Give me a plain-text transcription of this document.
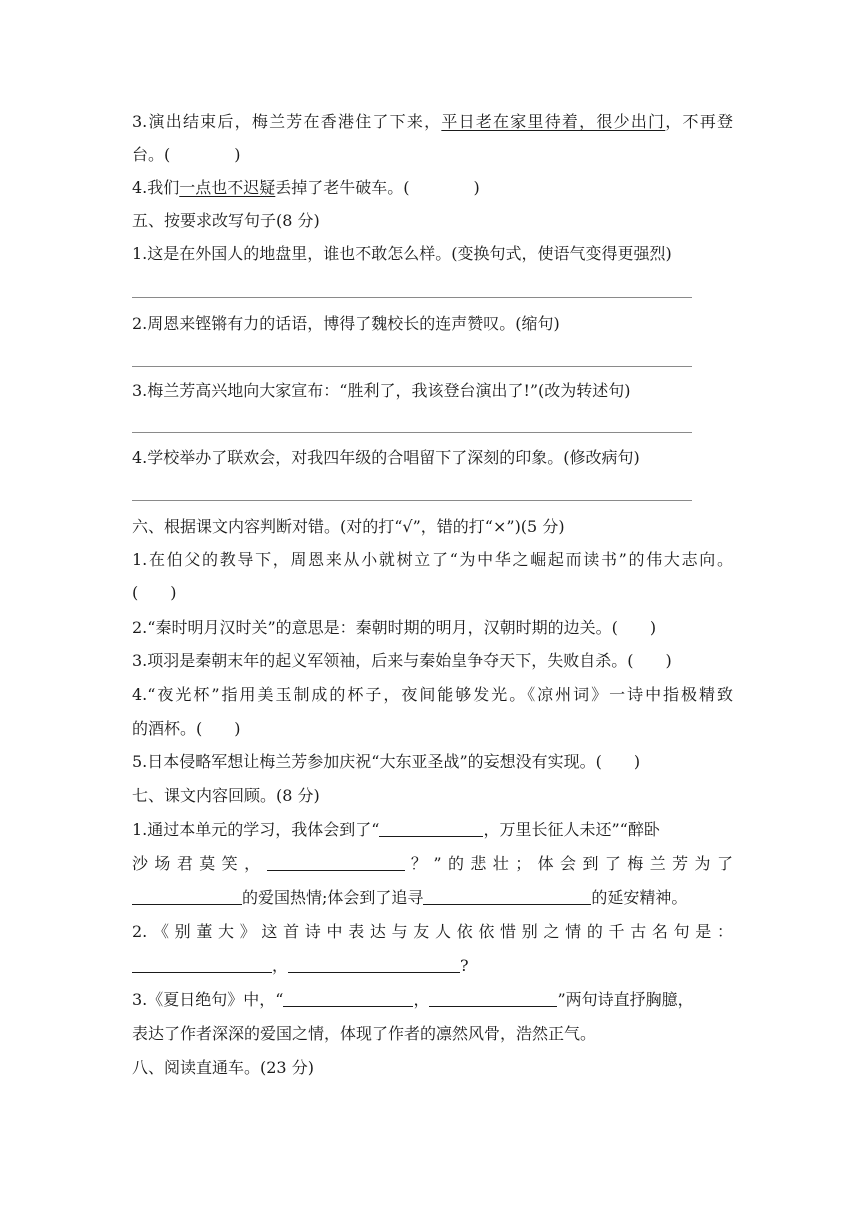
3.演出结束后，梅兰芳在香港住了下来，平日老在家里待着，很少出门，不再登
台。(　　　　)
4.我们一点也不迟疑丢掉了老牛破车。(　　　　)
五、按要求改写句子(8 分)
1.这是在外国人的地盘里，谁也不敢怎么样。(变换句式，使语气变得更强烈)
2.周恩来铿锵有力的话语，博得了魏校长的连声赞叹。(缩句)
3.梅兰芳高兴地向大家宣布：“胜利了，我该登台演出了!”(改为转述句)
4.学校举办了联欢会，对我四年级的合唱留下了深刻的印象。(修改病句)
六、根据课文内容判断对错。(对的打“√”，错的打“×”)(5 分)
1.在伯父的教导下，周恩来从小就树立了“为中华之崛起而读书”的伟大志向。
(　　)
2.“秦时明月汉时关”的意思是：秦朝时期的明月，汉朝时期的边关。(　　)
3.项羽是秦朝末年的起义军领袖，后来与秦始皇争夺天下，失败自杀。(　　)
4.“夜光杯”指用美玉制成的杯子，夜间能够发光。《凉州词》一诗中指极精致
的酒杯。(　　)
5.日本侵略军想让梅兰芳参加庆祝“大东亚圣战”的妄想没有实现。(　　)
七、课文内容回顾。(8 分)
1.通过本单元的学习，我体会到了“	，万里长征人未还”“醉卧
沙场君莫笑，	？”的悲壮；体会到了梅兰芳为了
的爱国热情;体会到了追寻	的延安精神。
2.《别董大》这首诗中表达与友人依依惜别之情的千古名句是：
，	?
3.《夏日绝句》中，“	，	”两句诗直抒胸臆，
表达了作者深深的爱国之情，体现了作者的凛然风骨，浩然正气。
八、阅读直通车。(23 分)
